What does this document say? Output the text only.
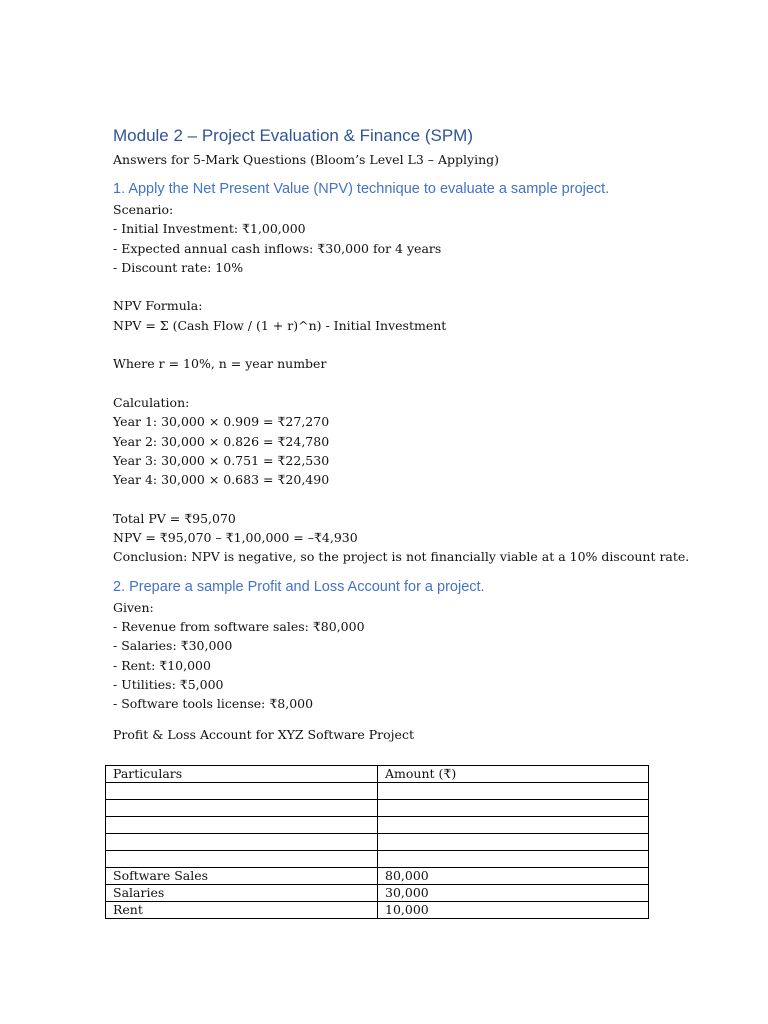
Module 2 – Project Evaluation & Finance (SPM)
Answers for 5-Mark Questions (Bloom’s Level L3 – Applying)
1. Apply the Net Present Value (NPV) technique to evaluate a sample project.
Scenario:
- Initial Investment: ₹1,00,000
- Expected annual cash inflows: ₹30,000 for 4 years
- Discount rate: 10%
NPV Formula:
NPV = Σ (Cash Flow / (1 + r)^n) - Initial Investment
Where r = 10%, n = year number
Calculation:
Year 1: 30,000 × 0.909 = ₹27,270
Year 2: 30,000 × 0.826 = ₹24,780
Year 3: 30,000 × 0.751 = ₹22,530
Year 4: 30,000 × 0.683 = ₹20,490
Total PV = ₹95,070
NPV = ₹95,070 – ₹1,00,000 = –₹4,930
Conclusion: NPV is negative, so the project is not financially viable at a 10% discount rate.
2. Prepare a sample Profit and Loss Account for a project.
Given:
- Revenue from software sales: ₹80,000
- Salaries: ₹30,000
- Rent: ₹10,000
- Utilities: ₹5,000
- Software tools license: ₹8,000
Profit & Loss Account for XYZ Software Project
Particulars	Amount (₹)

Software Sales	80,000
Salaries	30,000
Rent	10,000
